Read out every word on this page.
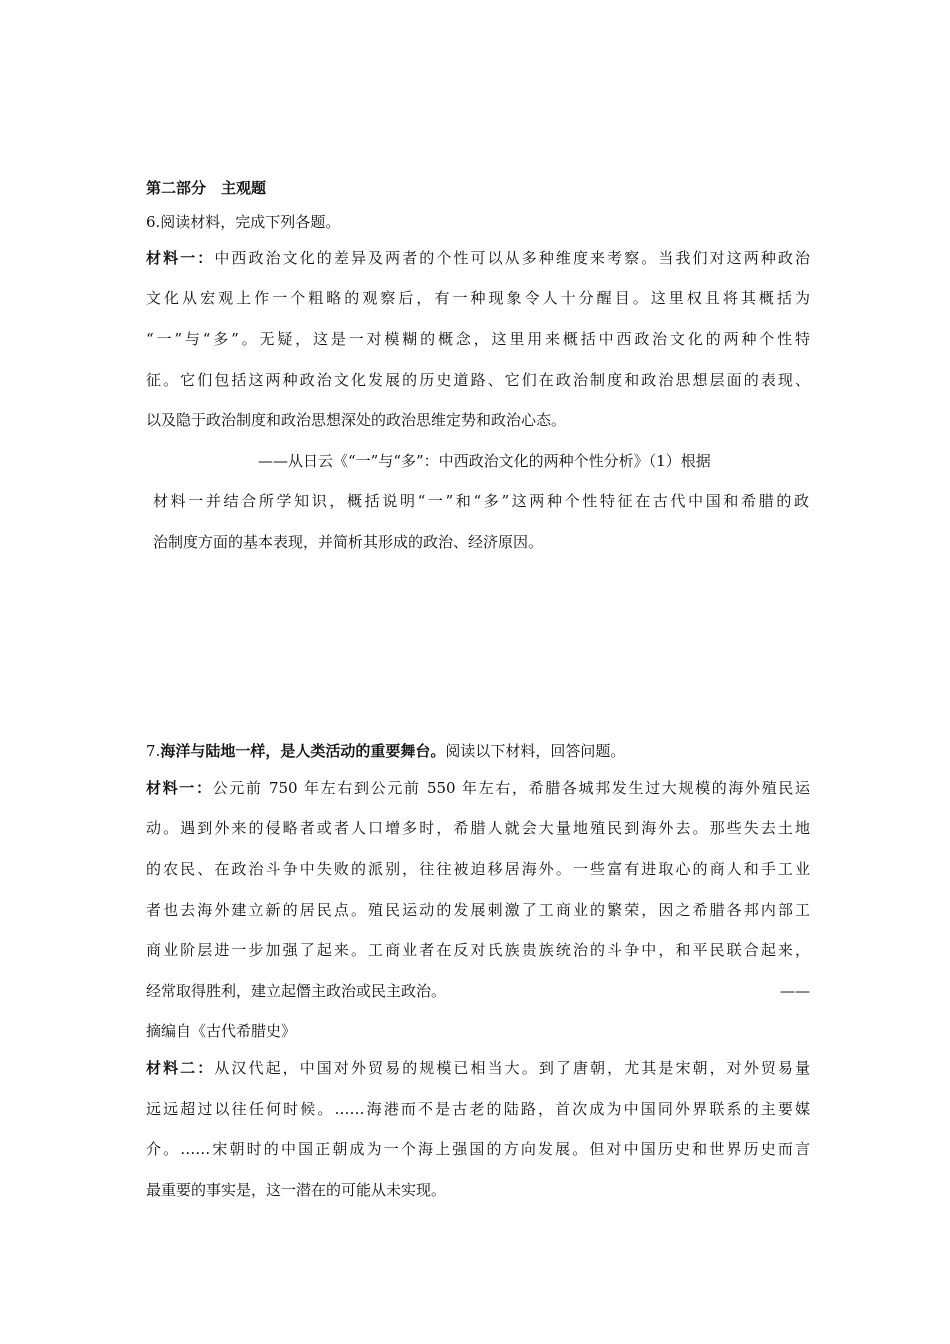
第二部分　主观题
6.阅读材料，完成下列各题。
材料一：中西政治文化的差异及两者的个性可以从多种维度来考察。当我们对这两种政治
文化从宏观上作一个粗略的观察后，有一种现象令人十分醒目。这里权且将其概括为
“一”与“多”。无疑，这是一对模糊的概念，这里用来概括中西政治文化的两种个性特
征。它们包括这两种政治文化发展的历史道路、它们在政治制度和政治思想层面的表现、
以及隐于政治制度和政治思想深处的政治思维定势和政治心态。
——从日云《“一”与“多”：中西政治文化的两种个性分析》（1）根据
材料一并结合所学知识，概括说明“一”和“多”这两种个性特征在古代中国和希腊的政
治制度方面的基本表现，并简析其形成的政治、经济原因。
7.海洋与陆地一样，是人类活动的重要舞台。阅读以下材料，回答问题。
材料一：公元前 750 年左右到公元前 550 年左右，希腊各城邦发生过大规模的海外殖民运
动。遇到外来的侵略者或者人口增多时，希腊人就会大量地殖民到海外去。那些失去土地
的农民、在政治斗争中失败的派别，往往被迫移居海外。一些富有进取心的商人和手工业
者也去海外建立新的居民点。殖民运动的发展刺激了工商业的繁荣，因之希腊各邦内部工
商业阶层进一步加强了起来。工商业者在反对氏族贵族统治的斗争中，和平民联合起来，
经常取得胜利，建立起僭主政治或民主政治。	——
摘编自《古代希腊史》
材料二：从汉代起，中国对外贸易的规模已相当大。到了唐朝，尤其是宋朝，对外贸易量
远远超过以往任何时候。……海港而不是古老的陆路，首次成为中国同外界联系的主要媒
介。……宋朝时的中国正朝成为一个海上强国的方向发展。但对中国历史和世界历史而言
最重要的事实是，这一潜在的可能从未实现。
